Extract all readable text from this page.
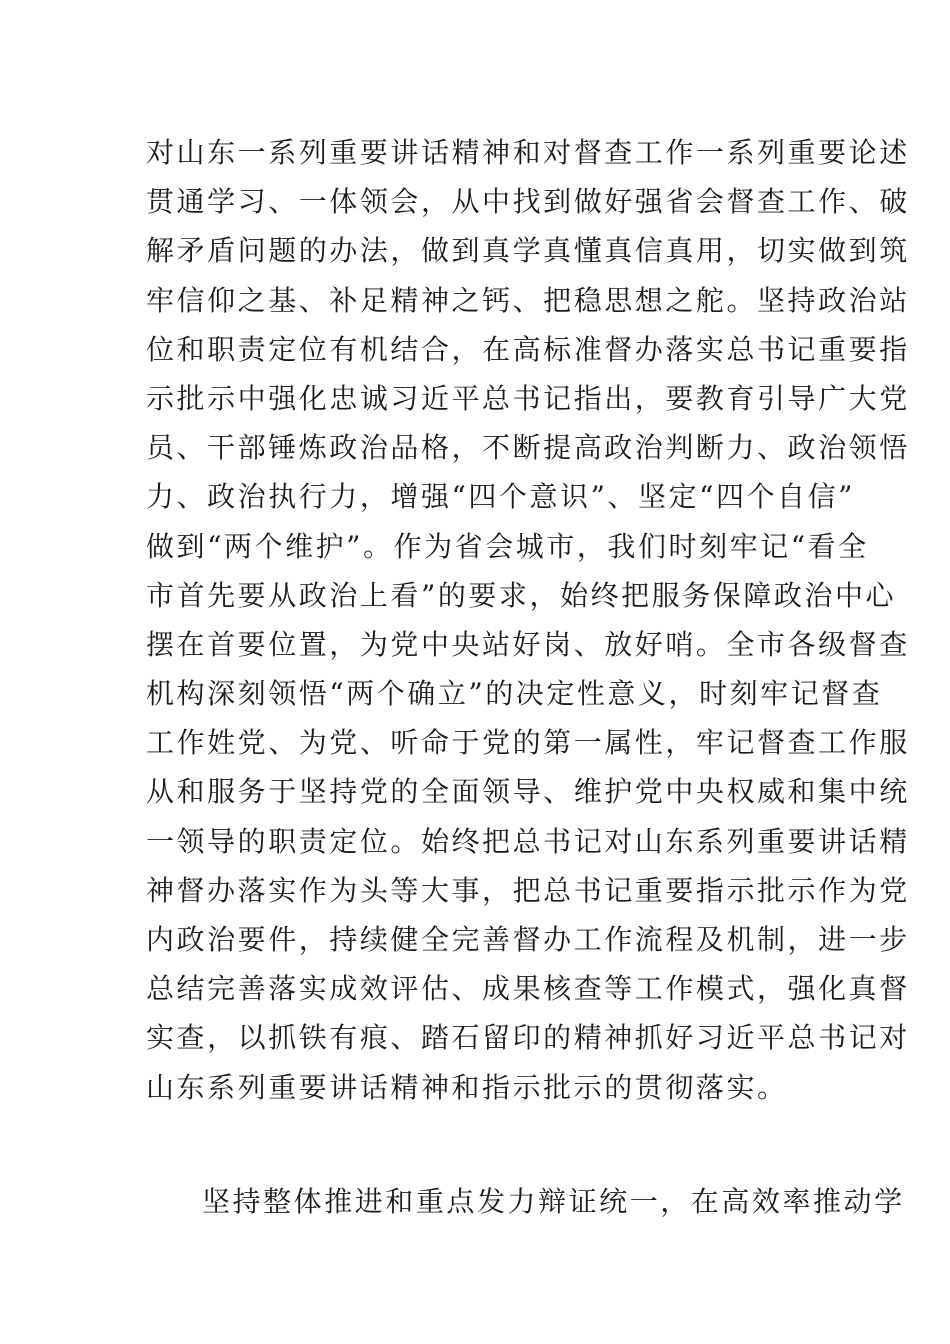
对山东一系列重要讲话精神和对督查工作一系列重要论述
贯通学习、一体领会，从中找到做好强省会督查工作、破
解矛盾问题的办法，做到真学真懂真信真用，切实做到筑
牢信仰之基、补足精神之钙、把稳思想之舵。坚持政治站
位和职责定位有机结合，在高标准督办落实总书记重要指
示批示中强化忠诚习近平总书记指出，要教育引导广大党
员、干部锤炼政治品格，不断提高政治判断力、政治领悟
力、政治执行力，增强“四个意识”、坚定“四个自信”
做到“两个维护”。作为省会城市，我们时刻牢记“看全
市首先要从政治上看”的要求，始终把服务保障政治中心
摆在首要位置，为党中央站好岗、放好哨。全市各级督查
机构深刻领悟“两个确立”的决定性意义，时刻牢记督查
工作姓党、为党、听命于党的第一属性，牢记督查工作服
从和服务于坚持党的全面领导、维护党中央权威和集中统
一领导的职责定位。始终把总书记对山东系列重要讲话精
神督办落实作为头等大事，把总书记重要指示批示作为党
内政治要件，持续健全完善督办工作流程及机制，进一步
总结完善落实成效评估、成果核查等工作模式，强化真督
实查，以抓铁有痕、踏石留印的精神抓好习近平总书记对
山东系列重要讲话精神和指示批示的贯彻落实。
坚持整体推进和重点发力辩证统一，在高效率推动学
